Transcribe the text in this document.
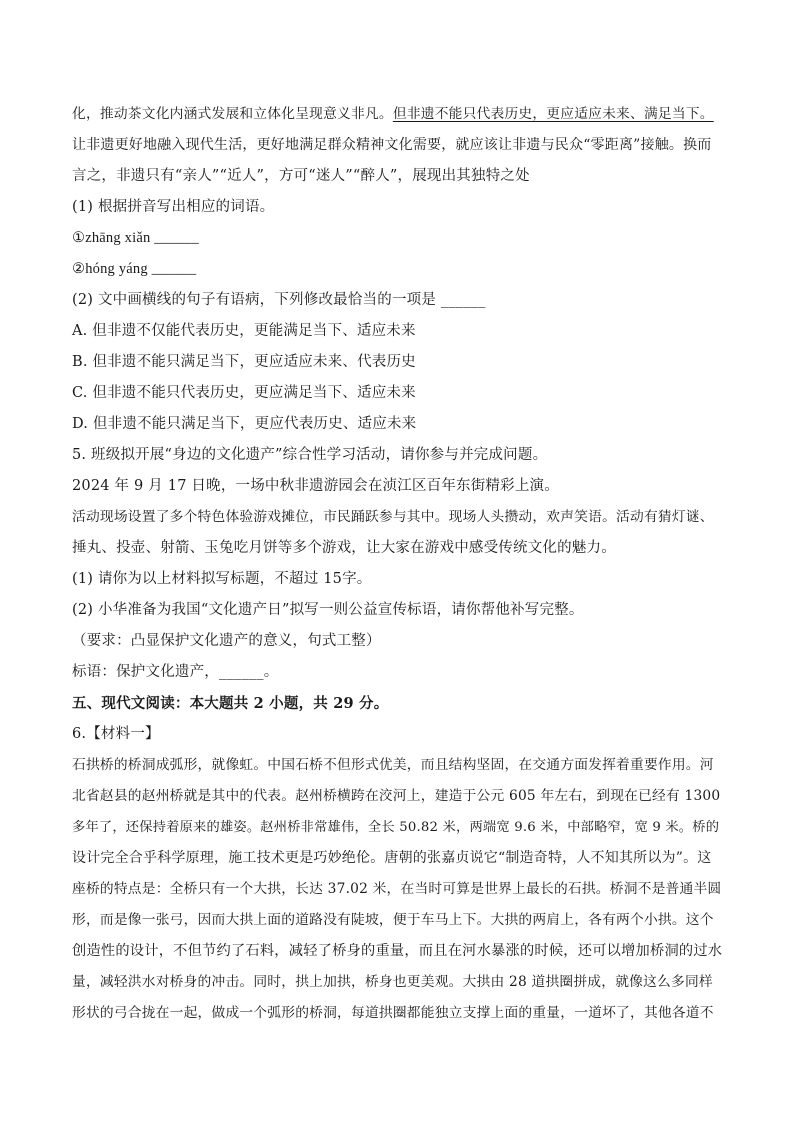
化，推动茶文化内涵式发展和立体化呈现意义非凡。但非遗不能只代表历史，更应适应未来、满足当下。
让非遗更好地融入现代生活，更好地满足群众精神文化需要，就应该让非遗与民众“零距离”接触。换而
言之，非遗只有“亲人”“近人”，方可“迷人”“醉人”，展现出其独特之处
(1) 根据拼音写出相应的词语。
①zhāng xiǎn ______
②hóng yáng ______
(2) 文中画横线的句子有语病，下列修改最恰当的一项是 ______
A. 但非遗不仅能代表历史，更能满足当下、适应未来
B. 但非遗不能只满足当下，更应适应未来、代表历史
C. 但非遗不能只代表历史，更应满足当下、适应未来
D. 但非遗不能只满足当下，更应代表历史、适应未来
5. 班级拟开展“身边的文化遗产”综合性学习活动，请你参与并完成问题。
2024 年 9 月 17 日晚，一场中秋非遗游园会在浈江区百年东街精彩上演。
活动现场设置了多个特色体验游戏摊位，市民踊跃参与其中。现场人头攒动，欢声笑语。活动有猜灯谜、
捶丸、投壶、射箭、玉兔吃月饼等多个游戏，让大家在游戏中感受传统文化的魅力。
(1) 请你为以上材料拟写标题，不超过 15字。
(2) 小华准备为我国“文化遗产日”拟写一则公益宣传标语，请你帮他补写完整。
（要求：凸显保护文化遗产的意义，句式工整）
标语：保护文化遗产，______。
五、现代文阅读：本大题共 2 小题，共 29 分。
6.【材料一】
石拱桥的桥洞成弧形，就像虹。中国石桥不但形式优美，而且结构坚固，在交通方面发挥着重要作用。河
北省赵县的赵州桥就是其中的代表。赵州桥横跨在洨河上，建造于公元 605 年左右，到现在已经有 1300
多年了，还保持着原来的雄姿。赵州桥非常雄伟，全长 50.82 米，两端宽 9.6 米，中部略窄，宽 9 米。桥的
设计完全合乎科学原理，施工技术更是巧妙绝伦。唐朝的张嘉贞说它“制造奇特，人不知其所以为”。这
座桥的特点是：全桥只有一个大拱，长达 37.02 米，在当时可算是世界上最长的石拱。桥洞不是普通半圆
形，而是像一张弓，因而大拱上面的道路没有陡坡，便于车马上下。大拱的两肩上，各有两个小拱。这个
创造性的设计，不但节约了石料，减轻了桥身的重量，而且在河水暴涨的时候，还可以增加桥洞的过水
量，减轻洪水对桥身的冲击。同时，拱上加拱，桥身也更美观。大拱由 28 道拱圈拼成，就像这么多同样
形状的弓合拢在一起，做成一个弧形的桥洞，每道拱圈都能独立支撑上面的重量，一道坏了，其他各道不
